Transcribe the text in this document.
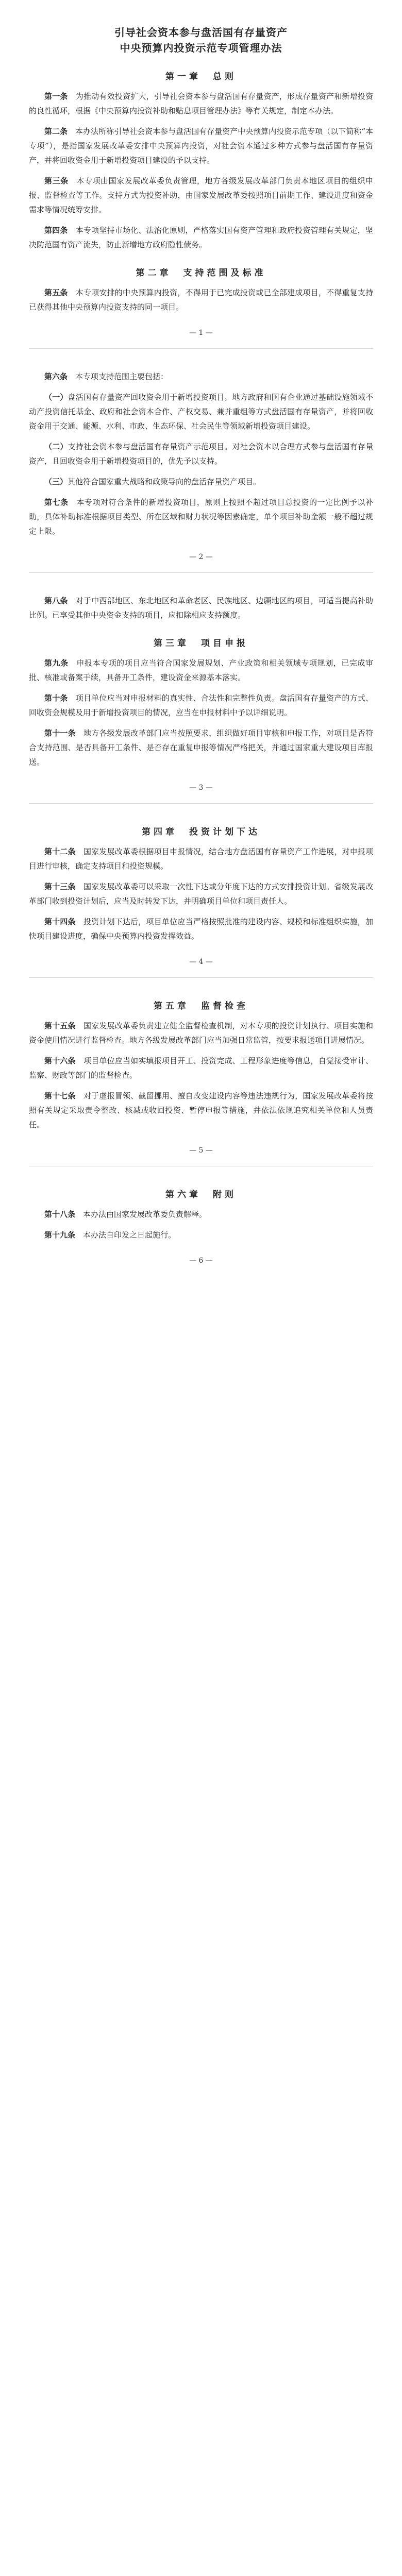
引导社会资本参与盘活国有存量资产
中央预算内投资示范专项管理办法
第一章　总则

第一条　 为推动有效投资扩大，引导社会资本参与盘活国有存量资产，形成存量资产和新增投资的良性循环，根据《中央预算内投资补助和贴息项目管理办法》等有关规定，制定本办法。

第二条　 本办法所称引导社会资本参与盘活国有存量资产中央预算内投资示范专项（以下简称“本专项”），是指国家发展改革委安排中央预算内投资，对社会资本通过多种方式参与盘活国有存量资产，并将回收资金用于新增投资项目建设的予以支持。

第三条　 本专项由国家发展改革委负责管理，地方各级发展改革部门负责本地区项目的组织申报、监督检查等工作。支持方式为投资补助，由国家发展改革委按照项目前期工作、建设进度和资金需求等情况统筹安排。

第四条　 本专项坚持市场化、法治化原则，严格落实国有资产管理和政府投资管理有关规定，坚决防范国有资产流失，防止新增地方政府隐性债务。

第二章　支持范围及标准

第五条　 本专项安排的中央预算内投资，不得用于已完成投资或已全部建成项目，不得重复支持已获得其他中央预算内投资支持的同一项目。

— 1 —

第六条　 本专项支持范围主要包括：

（一）盘活国有存量资产回收资金用于新增投资项目。地方政府和国有企业通过基础设施领域不动产投资信托基金、政府和社会资本合作、产权交易、兼并重组等方式盘活国有存量资产，并将回收资金用于交通、能源、水利、市政、生态环保、社会民生等领域新增投资项目建设。

（二）支持社会资本参与盘活国有存量资产示范项目。对社会资本以合理方式参与盘活国有存量资产，且回收资金用于新增投资项目的，优先予以支持。

（三）其他符合国家重大战略和政策导向的盘活存量资产项目。

第七条　 本专项对符合条件的新增投资项目，原则上按照不超过项目总投资的一定比例予以补助，具体补助标准根据项目类型、所在区域和财力状况等因素确定，单个项目补助金额一般不超过规定上限。

— 2 —

第八条　 对于中西部地区、东北地区和革命老区、民族地区、边疆地区的项目，可适当提高补助比例。已享受其他中央资金支持的项目，应扣除相应支持额度。

第三章　项目申报

第九条　 申报本专项的项目应当符合国家发展规划、产业政策和相关领域专项规划，已完成审批、核准或备案手续，具备开工条件，建设资金来源基本落实。

第十条　 项目单位应当对申报材料的真实性、合法性和完整性负责。盘活国有存量资产的方式、回收资金规模及用于新增投资项目的情况，应当在申报材料中予以详细说明。

第十一条　 地方各级发展改革部门应当按照要求，组织做好项目审核和申报工作，对项目是否符合支持范围、是否具备开工条件、是否存在重复申报等情况严格把关，并通过国家重大建设项目库报送。

— 3 —
第四章　投资计划下达

第十二条　 国家发展改革委根据项目申报情况，结合地方盘活国有存量资产工作进展，对申报项目进行审核，确定支持项目和投资规模。

第十三条　 国家发展改革委可以采取一次性下达或分年度下达的方式安排投资计划。省级发展改革部门收到投资计划后，应当及时转发下达，并明确项目单位和项目责任人。

第十四条　 投资计划下达后，项目单位应当严格按照批准的建设内容、规模和标准组织实施，加快项目建设进度，确保中央预算内投资发挥效益。

— 4 —
第五章　监督检查

第十五条　 国家发展改革委负责建立健全监督检查机制，对本专项的投资计划执行、项目实施和资金使用情况进行监督检查。地方各级发展改革部门应当加强日常监管，按要求报送项目进展情况。

第十六条　 项目单位应当如实填报项目开工、投资完成、工程形象进度等信息，自觉接受审计、监察、财政等部门的监督检查。

第十七条　 对于虚报冒领、截留挪用、擅自改变建设内容等违法违规行为，国家发展改革委将按照有关规定采取责令整改、核减或收回投资、暂停申报等措施，并依法依规追究相关单位和人员责任。

— 5 —
第六章　附则

第十八条　 本办法由国家发展改革委负责解释。

第十九条　 本办法自印发之日起施行。

— 6 —
